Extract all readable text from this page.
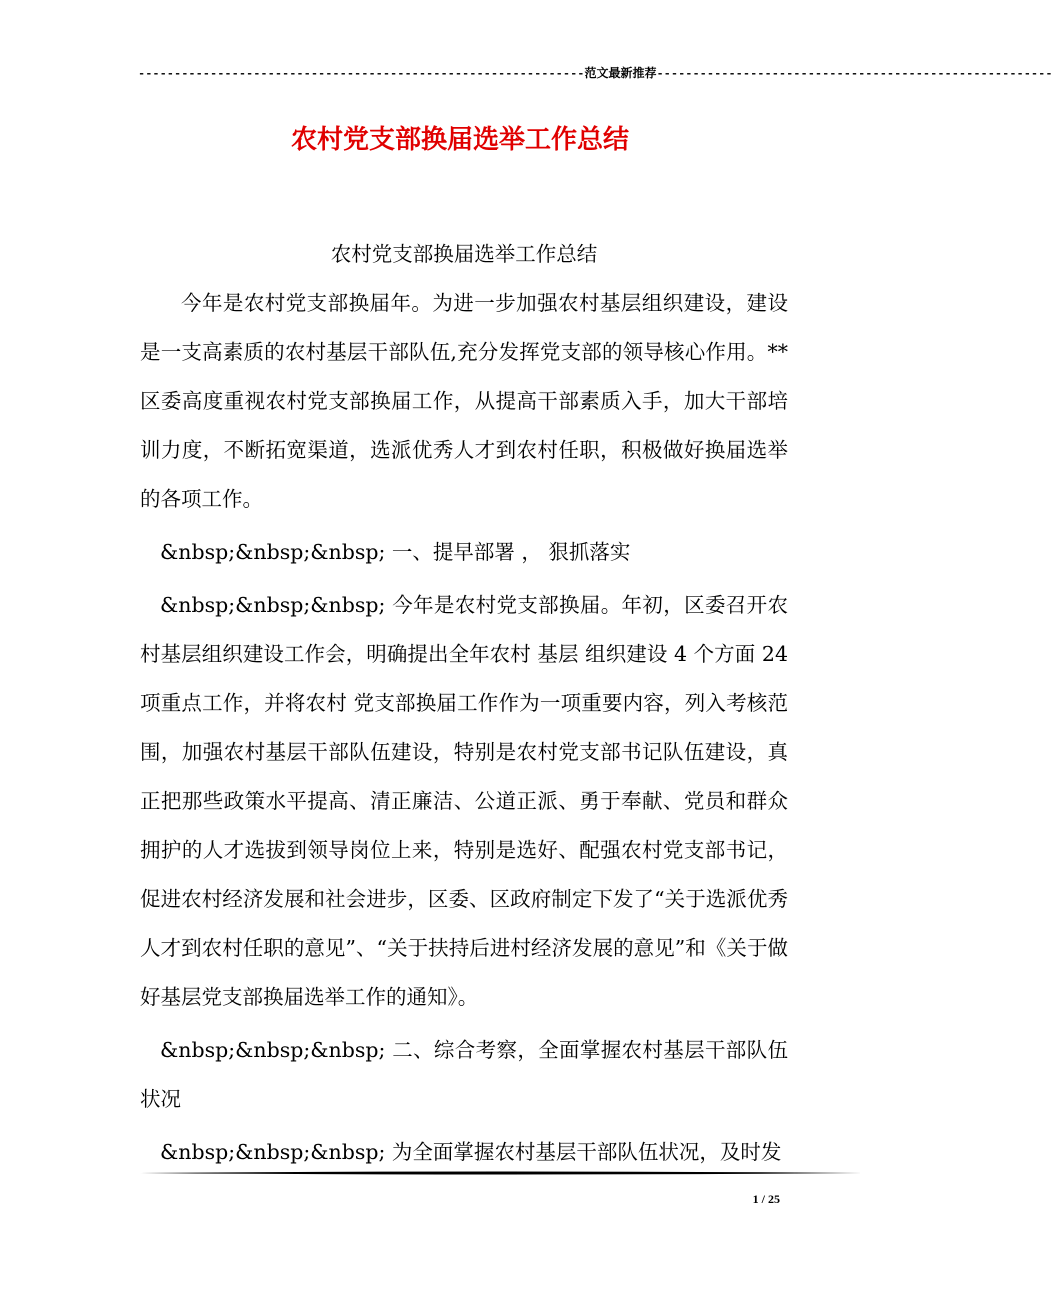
--------------------------------------------------------------范文最新推荐-------------------------------------------------------
农村党支部换届选举工作总结

农村党支部换届选举工作总结

今年是农村党支部换届年。为进一步加强农村基层组织建设，建设是一支高素质的农村基层干部队伍,充分发挥党支部的领导核心作用。**区委高度重视农村党支部换届工作，从提高干部素质入手，加大干部培训力度，不断拓宽渠道，选派优秀人才到农村任职，积极做好换届选举的各项工作。

&nbsp;&nbsp;&nbsp; 一、提早部署 ， 狠抓落实

&nbsp;&nbsp;&nbsp; 今年是农村党支部换届。年初，区委召开农村基层组织建设工作会，明确提出全年农村 基层 组织建设 4 个方面 24 项重点工作，并将农村 党支部换届工作作为一项重要内容，列入考核范围，加强农村基层干部队伍建设，特别是农村党支部书记队伍建设，真正把那些政策水平提高、清正廉洁、公道正派、勇于奉献、党员和群众拥护的人才选拔到领导岗位上来，特别是选好、配强农村党支部书记，促进农村经济发展和社会进步，区委、区政府制定下发了“关于选派优秀人才到农村任职的意见”、“关于扶持后进村经济发展的意见”和《关于做好基层党支部换届选举工作的通知》。

&nbsp;&nbsp;&nbsp; 二、综合考察，全面掌握农村基层干部队伍状况

&nbsp;&nbsp;&nbsp; 为全面掌握农村基层干部队伍状况，及时发

1 / 25
